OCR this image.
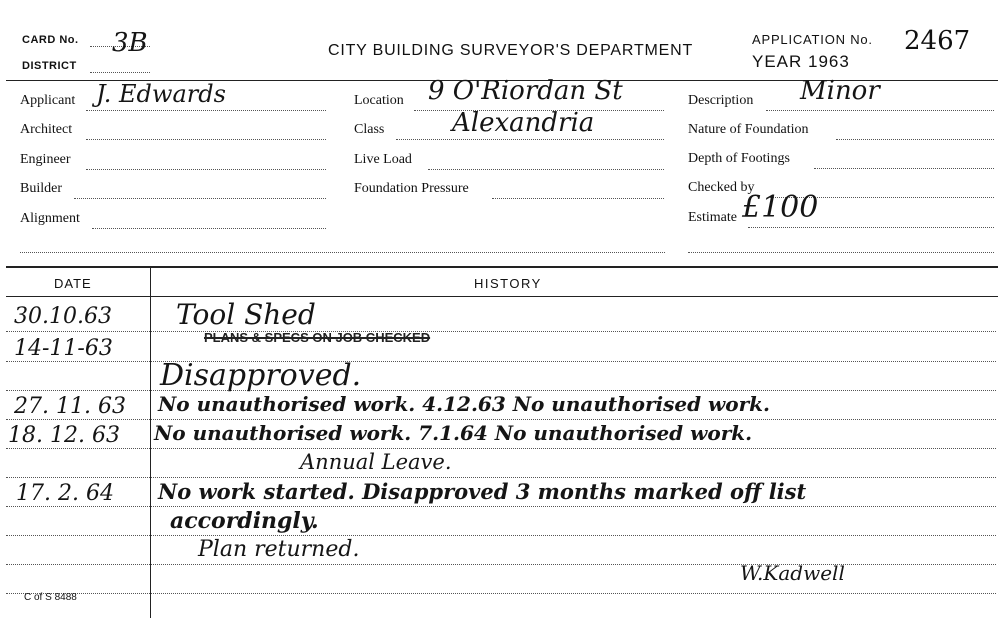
CARD No. 3B
DISTRICT
CITY BUILDING SURVEYOR'S DEPARTMENT
APPLICATION No. 2467
YEAR 1963
Applicant J. Edwards
Architect
Engineer
Builder
Alignment
Location 9 O'Riordan St
Class	Alexandria
Live Load
Foundation Pressure
Description Minor
Nature of Foundation
Depth of Footings
Checked by
Estimate £100
DATE	HISTORY
30.10.63
14-11-63
27. 11. 63
18. 12. 63
17. 2. 64
Tool Shed
PLANS & SPECS ON JOB CHECKED
Disapproved.
No unauthorised work. 4.12.63 No unauthorised work.
No unauthorised work. 7.1.64 No unauthorised work.
Annual Leave.
No work started. Disapproved 3 months marked off list
accordingly.
Plan returned.
W.Kadwell
C of S 8488
